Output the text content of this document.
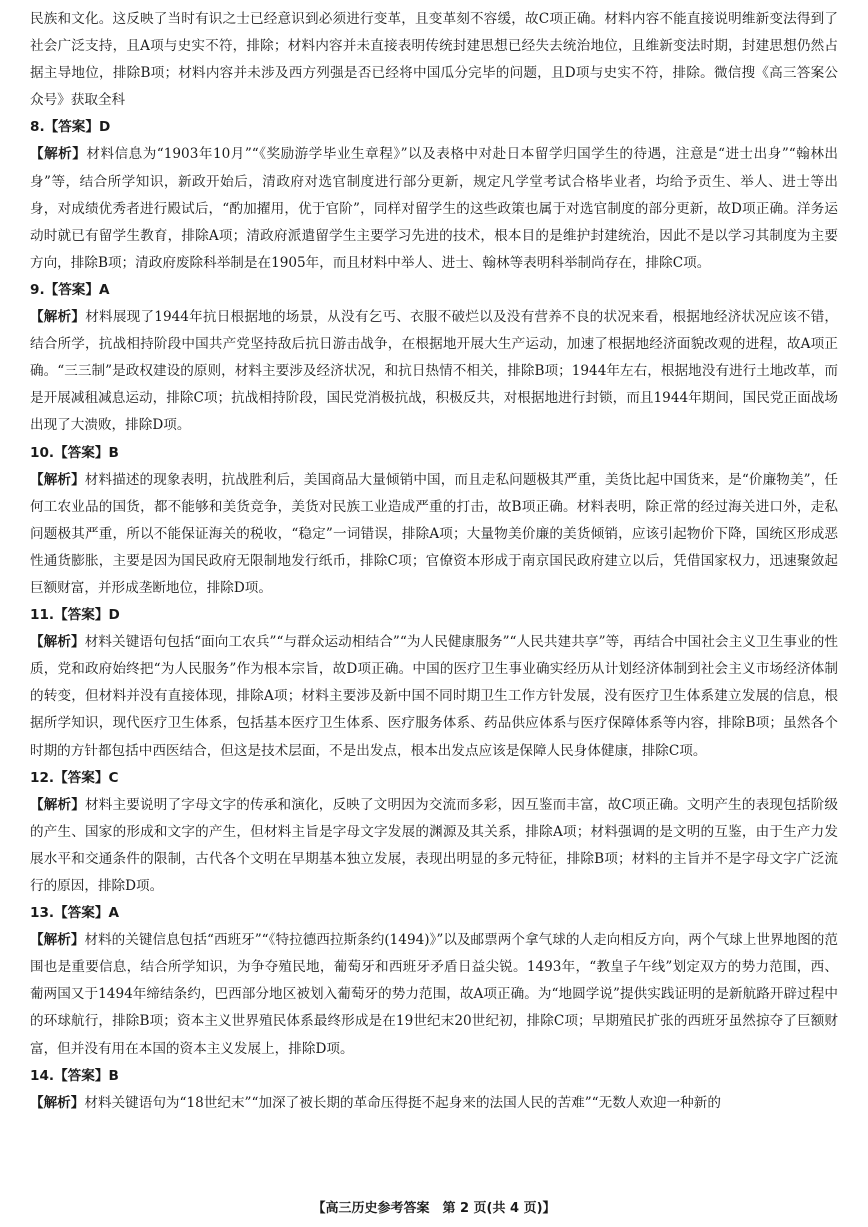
民族和文化。这反映了当时有识之士已经意识到必须进行变革，且变革刻不容缓，故C项正确。材料内容不能直接说明维新变法得到了社会广泛支持，且A项与史实不符，排除；材料内容并未直接表明传统封建思想已经失去统治地位，且维新变法时期，封建思想仍然占据主导地位，排除B项；材料内容并未涉及西方列强是否已经将中国瓜分完毕的问题，且D项与史实不符，排除。微信搜《高三答案公众号》获取全科

8.【答案】D

【解析】材料信息为“1903年10月”“《奖励游学毕业生章程》”以及表格中对赴日本留学归国学生的待遇，注意是“进士出身”“翰林出身”等，结合所学知识，新政开始后，清政府对选官制度进行部分更新，规定凡学堂考试合格毕业者，均给予贡生、举人、进士等出身，对成绩优秀者进行殿试后，“酌加擢用，优于官阶”，同样对留学生的这些政策也属于对选官制度的部分更新，故D项正确。洋务运动时就已有留学生教育，排除A项；清政府派遣留学生主要学习先进的技术，根本目的是维护封建统治，因此不是以学习其制度为主要方向，排除B项；清政府废除科举制是在1905年，而且材料中举人、进士、翰林等表明科举制尚存在，排除C项。

9.【答案】A

【解析】材料展现了1944年抗日根据地的场景，从没有乞丐、衣服不破烂以及没有营养不良的状况来看，根据地经济状况应该不错，结合所学，抗战相持阶段中国共产党坚持敌后抗日游击战争，在根据地开展大生产运动，加速了根据地经济面貌改观的进程，故A项正确。“三三制”是政权建设的原则，材料主要涉及经济状况，和抗日热情不相关，排除B项；1944年左右，根据地没有进行土地改革，而是开展减租减息运动，排除C项；抗战相持阶段，国民党消极抗战，积极反共，对根据地进行封锁，而且1944年期间，国民党正面战场出现了大溃败，排除D项。

10.【答案】B

【解析】材料描述的现象表明，抗战胜利后，美国商品大量倾销中国，而且走私问题极其严重，美货比起中国货来，是“价廉物美”，任何工农业品的国货，都不能够和美货竞争，美货对民族工业造成严重的打击，故B项正确。材料表明，除正常的经过海关进口外，走私问题极其严重，所以不能保证海关的税收，“稳定”一词错误，排除A项；大量物美价廉的美货倾销，应该引起物价下降，国统区形成恶性通货膨胀，主要是因为国民政府无限制地发行纸币，排除C项；官僚资本形成于南京国民政府建立以后，凭借国家权力，迅速聚敛起巨额财富，并形成垄断地位，排除D项。

11.【答案】D

【解析】材料关键语句包括“面向工农兵”“与群众运动相结合”“为人民健康服务”“人民共建共享”等，再结合中国社会主义卫生事业的性质，党和政府始终把“为人民服务”作为根本宗旨，故D项正确。中国的医疗卫生事业确实经历从计划经济体制到社会主义市场经济体制的转变，但材料并没有直接体现，排除A项；材料主要涉及新中国不同时期卫生工作方针发展，没有医疗卫生体系建立发展的信息，根据所学知识，现代医疗卫生体系，包括基本医疗卫生体系、医疗服务体系、药品供应体系与医疗保障体系等内容，排除B项；虽然各个时期的方针都包括中西医结合，但这是技术层面，不是出发点，根本出发点应该是保障人民身体健康，排除C项。

12.【答案】C

【解析】材料主要说明了字母文字的传承和演化，反映了文明因为交流而多彩，因互鉴而丰富，故C项正确。文明产生的表现包括阶级的产生、国家的形成和文字的产生，但材料主旨是字母文字发展的渊源及其关系，排除A项；材料强调的是文明的互鉴，由于生产力发展水平和交通条件的限制，古代各个文明在早期基本独立发展，表现出明显的多元特征，排除B项；材料的主旨并不是字母文字广泛流行的原因，排除D项。

13.【答案】A

【解析】材料的关键信息包括“西班牙”“《特拉德西拉斯条约(1494)》”以及邮票两个拿气球的人走向相反方向，两个气球上世界地图的范围也是重要信息，结合所学知识，为争夺殖民地，葡萄牙和西班牙矛盾日益尖锐。1493年，“教皇子午线”划定双方的势力范围，西、葡两国又于1494年缔结条约，巴西部分地区被划入葡萄牙的势力范围，故A项正确。为“地圆学说”提供实践证明的是新航路开辟过程中的环球航行，排除B项；资本主义世界殖民体系最终形成是在19世纪末20世纪初，排除C项；早期殖民扩张的西班牙虽然掠夺了巨额财富，但并没有用在本国的资本主义发展上，排除D项。

14.【答案】B

【解析】材料关键语句为“18世纪末”“加深了被长期的革命压得挺不起身来的法国人民的苦难”“无数人欢迎一种新的

【高三历史参考答案　第 2 页(共 4 页)】
